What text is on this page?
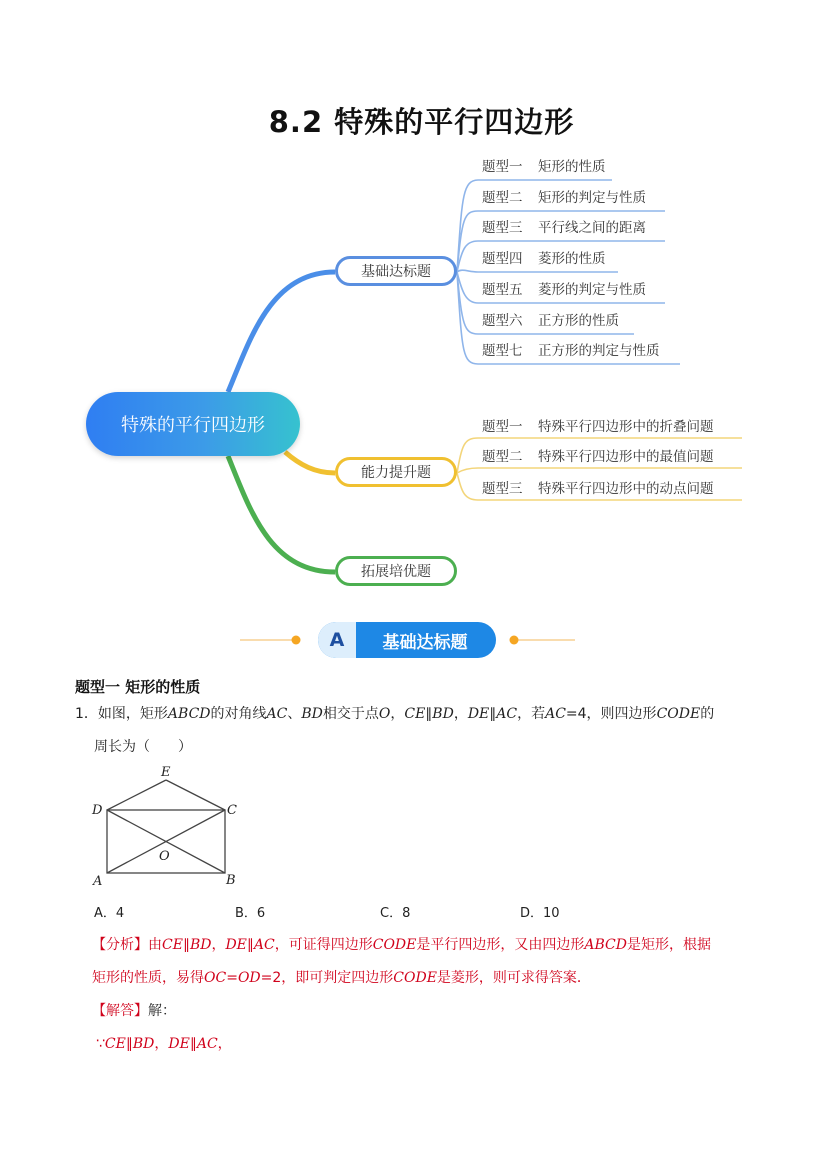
8.2 特殊的平行四边形
特殊的平行四边形
基础达标题
能力提升题
拓展培优题
题型一 矩形的性质
题型二 矩形的判定与性质
题型三 平行线之间的距离
题型四 菱形的性质
题型五 菱形的判定与性质
题型六 正方形的性质
题型七 正方形的判定与性质
题型一 特殊平行四边形中的折叠问题
题型二 特殊平行四边形中的最值问题
题型三 特殊平行四边形中的动点问题
A	基础达标题
题型一 矩形的性质
1．如图，矩形ABCD的对角线AC、BD相交于点O，CE∥BD，DE∥AC，若AC=4，则四边形CODE的
周长为（　　）
E
D	C
O
A	B
A．4	B．6	C．8	D．10
【分析】由CE∥BD，DE∥AC，可证得四边形CODE是平行四边形，又由四边形ABCD是矩形，根据
矩形的性质，易得OC=OD=2，即可判定四边形CODE是菱形，则可求得答案．
【解答】解：
∵CE∥BD，DE∥AC，
